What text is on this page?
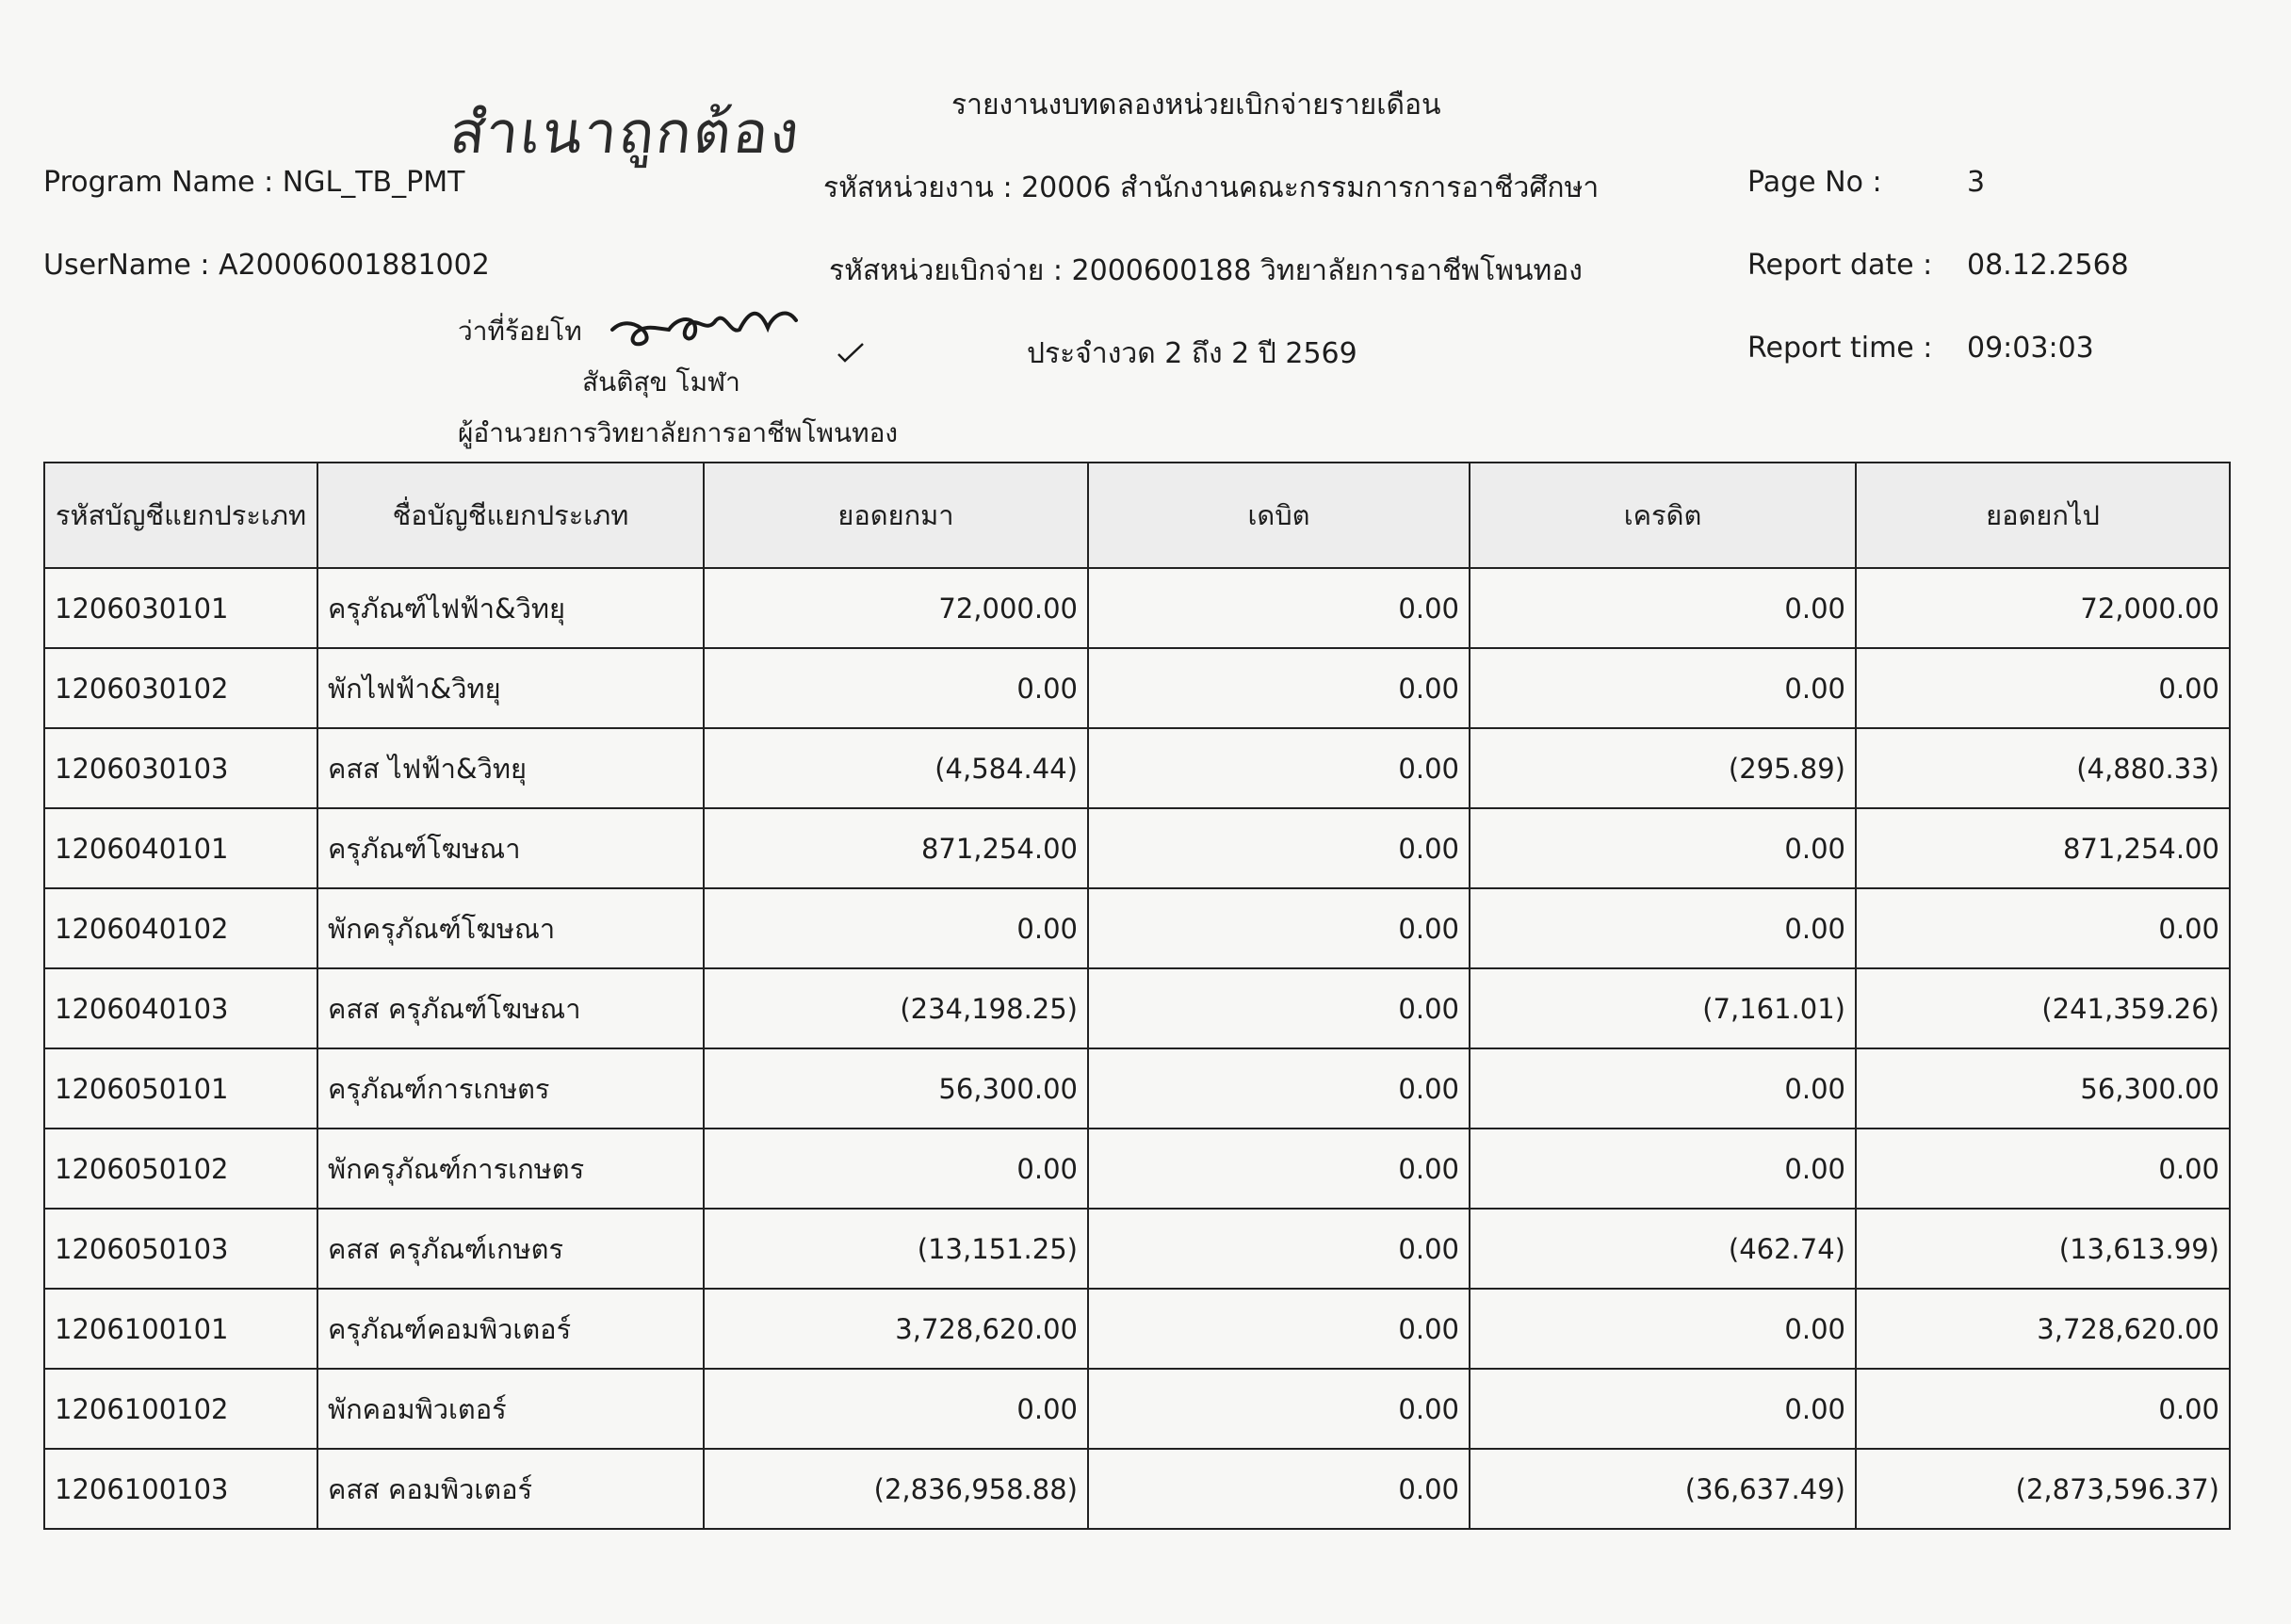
สำเนาถูกต้อง	รายงานงบทดลองหน่วยเบิกจ่ายรายเดือน
Program Name : NGL_TB_PMT	รหัสหน่วยงาน : 20006 สำนักงานคณะกรรมการการอาชีวศึกษา	Page No :	3
UserName : A20006001881002	รหัสหน่วยเบิกจ่าย : 2000600188 วิทยาลัยการอาชีพโพนทอง	Report date : 08.12.2568
ว่าที่ร้อยโท
ประจำงวด 2 ถึง 2 ปี 2569	Report time : 09:03:03
สันติสุข โมฬา
ผู้อำนวยการวิทยาลัยการอาชีพโพนทอง
รหัสบัญชีแยกประเภท	ชื่อบัญชีแยกประเภท	ยอดยกมา	เดบิต	เครดิต	ยอดยกไป
1206030101	ครุภัณฑ์ไฟฟ้า&วิทยุ	72,000.00	0.00	0.00	72,000.00
1206030102	พักไฟฟ้า&วิทยุ	0.00	0.00	0.00	0.00
1206030103	คสส ไฟฟ้า&วิทยุ	(4,584.44)	0.00	(295.89)	(4,880.33)
1206040101	ครุภัณฑ์โฆษณา	871,254.00	0.00	0.00	871,254.00
1206040102	พักครุภัณฑ์โฆษณา	0.00	0.00	0.00	0.00
1206040103	คสส ครุภัณฑ์โฆษณา	(234,198.25)	0.00	(7,161.01)	(241,359.26)
1206050101	ครุภัณฑ์การเกษตร	56,300.00	0.00	0.00	56,300.00
1206050102	พักครุภัณฑ์การเกษตร	0.00	0.00	0.00	0.00
1206050103	คสส ครุภัณฑ์เกษตร	(13,151.25)	0.00	(462.74)	(13,613.99)
1206100101	ครุภัณฑ์คอมพิวเตอร์	3,728,620.00	0.00	0.00	3,728,620.00
1206100102	พักคอมพิวเตอร์	0.00	0.00	0.00	0.00
1206100103	คสส คอมพิวเตอร์	(2,836,958.88)	0.00	(36,637.49)	(2,873,596.37)
